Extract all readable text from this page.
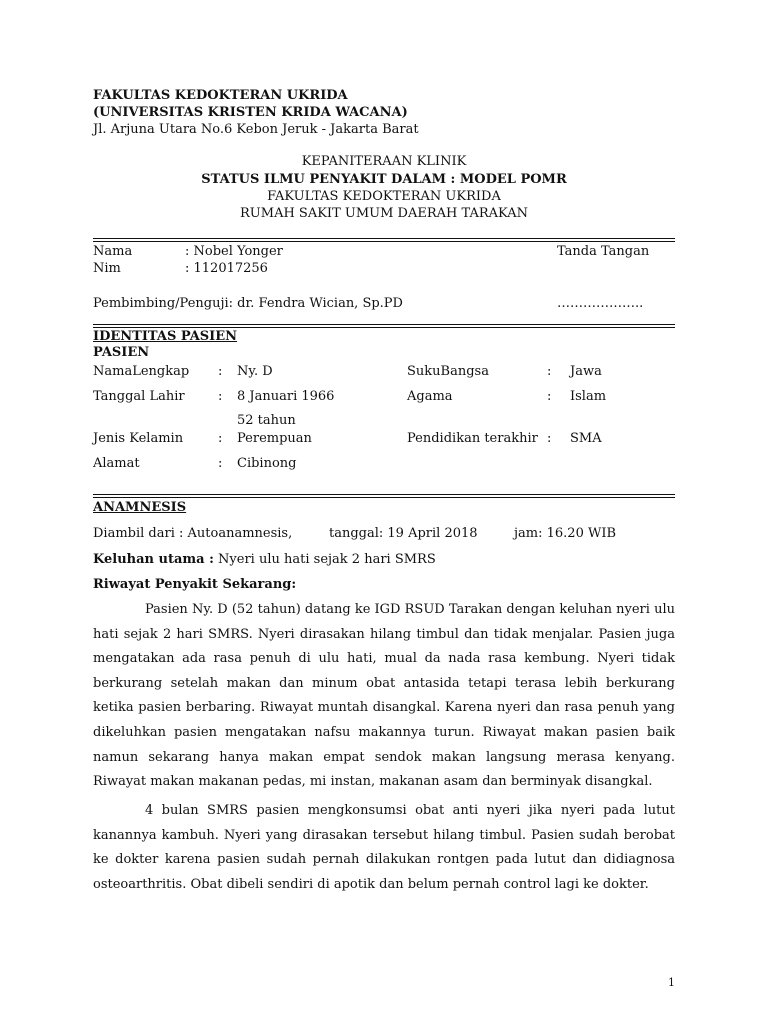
FAKULTAS KEDOKTERAN UKRIDA
(UNIVERSITAS KRISTEN KRIDA WACANA)
Jl. Arjuna Utara No.6 Kebon Jeruk - Jakarta Barat
KEPANITERAAN KLINIK
STATUS ILMU PENYAKIT DALAM : MODEL POMR
FAKULTAS KEDOKTERAN UKRIDA
RUMAH SAKIT UMUM DAERAH TARAKAN
Nama	: Nobel Yonger	Tanda Tangan
Nim	: 112017256
Pembimbing/Penguji: dr. Fendra Wician, Sp.PD	………………..
IDENTITAS PASIEN
PASIEN
NamaLengkap : Ny. D	SukuBangsa	: Jawa
Tanggal Lahir	: 8 Januari 1966	Agama	: Islam
52 tahun
Jenis Kelamin	: Perempuan	Pendidikan terakhir : SMA
Alamat	: Cibinong
ANAMNESIS
Diambil dari : Autoanamnesis,	tanggal: 19 April 2018	jam: 16.20 WIB
Keluhan utama : Nyeri ulu hati sejak 2 hari SMRS
Riwayat Penyakit Sekarang:
Pasien Ny. D (52 tahun) datang ke IGD RSUD Tarakan dengan keluhan nyeri ulu hati sejak 2 hari SMRS. Nyeri dirasakan hilang timbul dan tidak menjalar. Pasien juga mengatakan ada rasa penuh di ulu hati, mual da nada rasa kembung. Nyeri tidak berkurang setelah makan dan minum obat antasida tetapi terasa lebih berkurang ketika pasien berbaring. Riwayat muntah disangkal. Karena nyeri dan rasa penuh yang dikeluhkan pasien mengatakan nafsu makannya turun. Riwayat makan pasien baik namun sekarang hanya makan empat sendok makan langsung merasa kenyang. Riwayat makan makanan pedas, mi instan, makanan asam dan berminyak disangkal.
4 bulan SMRS pasien mengkonsumsi obat anti nyeri jika nyeri pada lutut kanannya kambuh. Nyeri yang dirasakan tersebut hilang timbul. Pasien sudah berobat ke dokter karena pasien sudah pernah dilakukan rontgen pada lutut dan didiagnosa osteoarthritis. Obat dibeli sendiri di apotik dan belum pernah control lagi ke dokter.
1
